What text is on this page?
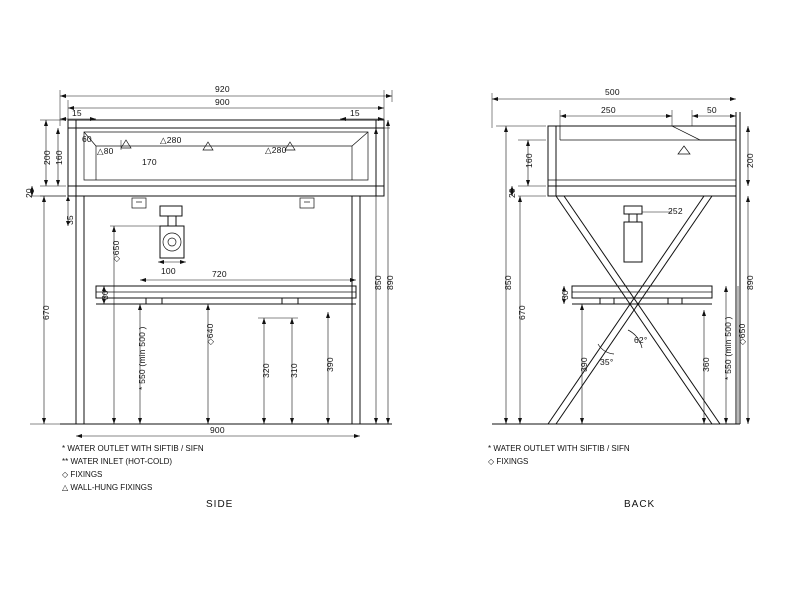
920
900
15	15
60
△80
△280
△280
200 160
20
35
◇650
170
100	720
30
◇640
* 550 (min 500 )	320 310	390
850 890
670
900
500
250	50
160	200
20
252
850
670
30
390	360 * 550 (min 500 ) ◇650
890
62°
35°
* WATER OUTLET WITH SIFTIB / SIFN
** WATER INLET (HOT-COLD)
◇ FIXINGS
△ WALL-HUNG FIXINGS
* WATER OUTLET WITH SIFTIB / SIFN
◇ FIXINGS
SIDE	BACK
